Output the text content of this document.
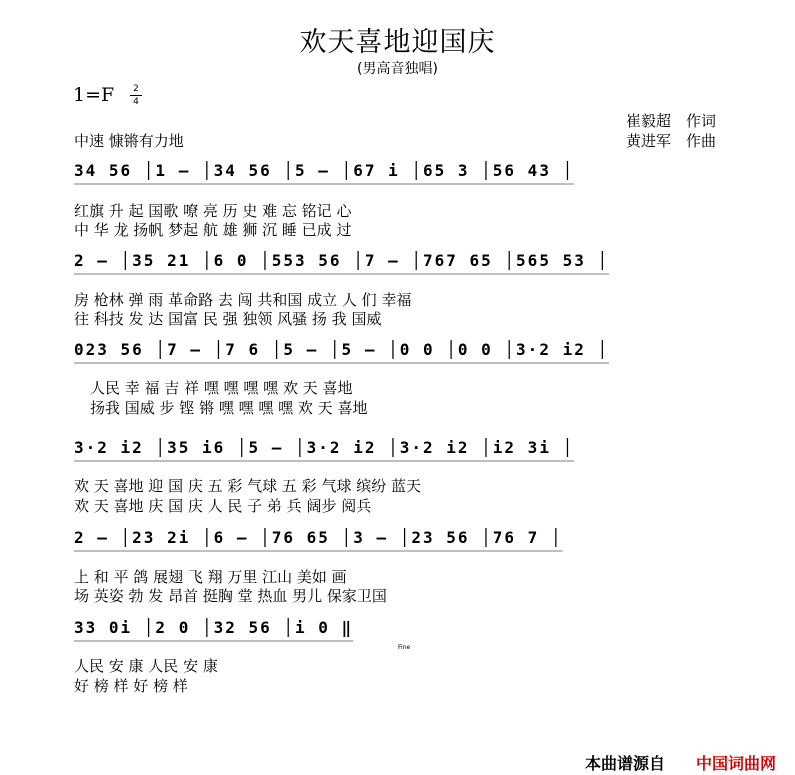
欢天喜地迎国庆
(男高音独唱)
1=F	2
4
崔毅超　作词
黄进军　作曲
中速 慷锵有力地
34 56 │1 — │34 56 │5 — │67 i │65 3 │56 43 │
红旗 升 起 国歌 嘹 亮 历 史 难 忘 铭记 心
中 华 龙 扬帆 梦起 航 雄 狮 沉 睡 已成 过
2 — │35 21 │6 0 │553 56 │7 — │767 65 │565 53 │
房 枪林 弹 雨 革命路 去 闯 共和国 成立 人 们 幸福
往 科技 发 达 国富 民 强 独领 风骚 扬 我 国威
023 56 │7 — │7 6 │5 — │5 — │0 0 │0 0 │3·2 i2 │
人民 幸 福 吉 祥 嘿 嘿 嘿 嘿 欢 天 喜地
扬我 国威 步 铿 锵 嘿 嘿 嘿 嘿 欢 天 喜地
3·2 i2 │35 i6 │5 — │3·2 i2 │3·2 i2 │i2 3i │
欢 天 喜地 迎 国 庆 五 彩 气球 五 彩 气球 缤纷 蓝天
欢 天 喜地 庆 国 庆 人 民 子 弟 兵 阔步 阅兵
2 — │23 2i │6 — │76 65 │3 — │23 56 │76 7 │
上 和 平 鸽 展翅 飞 翔 万里 江山 美如 画
场 英姿 勃 发 昂首 挺胸 堂 热血 男儿 保家卫国
33 0i │2 0 │32 56 │i 0 ‖
Fine
人民 安 康 人民 安 康
好 榜 样 好 榜 样
本曲谱源自 中国词曲网
